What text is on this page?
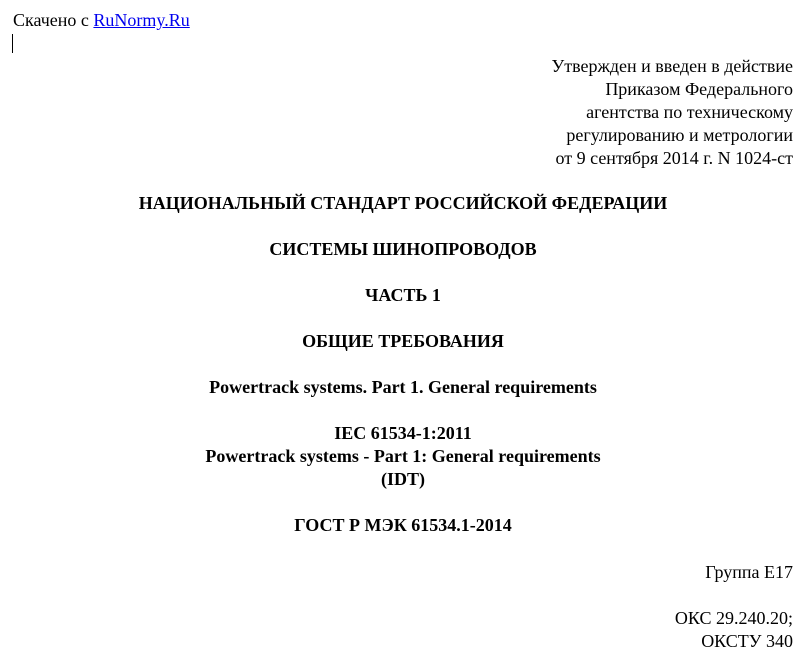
Скачено с RuNormy.Ru
Утвержден и введен в действие
Приказом Федерального
агентства по техническому
регулированию и метрологии
от 9 сентября 2014 г. N 1024-ст
НАЦИОНАЛЬНЫЙ СТАНДАРТ РОССИЙСКОЙ ФЕДЕРАЦИИ
СИСТЕМЫ ШИНОПРОВОДОВ
ЧАСТЬ 1
ОБЩИЕ ТРЕБОВАНИЯ
Powertrack systems. Part 1. General requirements
IEC 61534-1:2011
Powertrack systems - Part 1: General requirements
(IDT)
ГОСТ Р МЭК 61534.1-2014
Группа Е17
ОКС 29.240.20;
ОКСТУ 340
